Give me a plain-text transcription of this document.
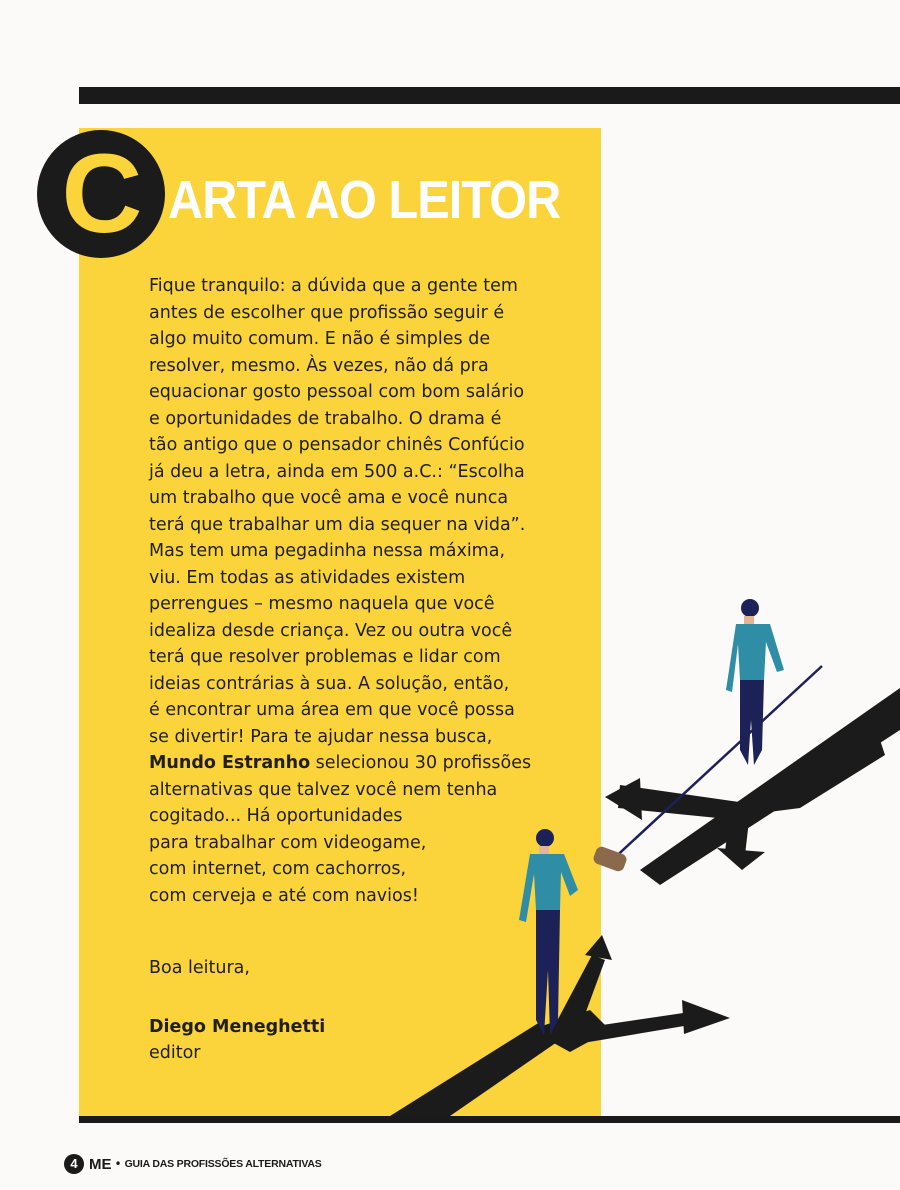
C ARTA AO LEITOR

Fique tranquilo: a dúvida que a gente tem

antes de escolher que profissão seguir é

algo muito comum. E não é simples de

resolver, mesmo. Às vezes, não dá pra

equacionar gosto pessoal com bom salário

e oportunidades de trabalho. O drama é

tão antigo que o pensador chinês Confúcio

já deu a letra, ainda em 500 a.C.: “Escolha

um trabalho que você ama e você nunca

terá que trabalhar um dia sequer na vida”.

Mas tem uma pegadinha nessa máxima,

viu. Em todas as atividades existem

perrengues – mesmo naquela que você

idealiza desde criança. Vez ou outra você

terá que resolver problemas e lidar com

ideias contrárias à sua. A solução, então,

é encontrar uma área em que você possa

se divertir! Para te ajudar nessa busca,

Mundo Estranho selecionou 30 profissões

alternativas que talvez você nem tenha

cogitado... Há oportunidades

para trabalhar com videogame,

com internet, com cachorros,

com cerveja e até com navios!

Boa leitura,
Diego Meneghetti
editor
4 ME • GUIA DAS PROFISSÕES ALTERNATIVAS
